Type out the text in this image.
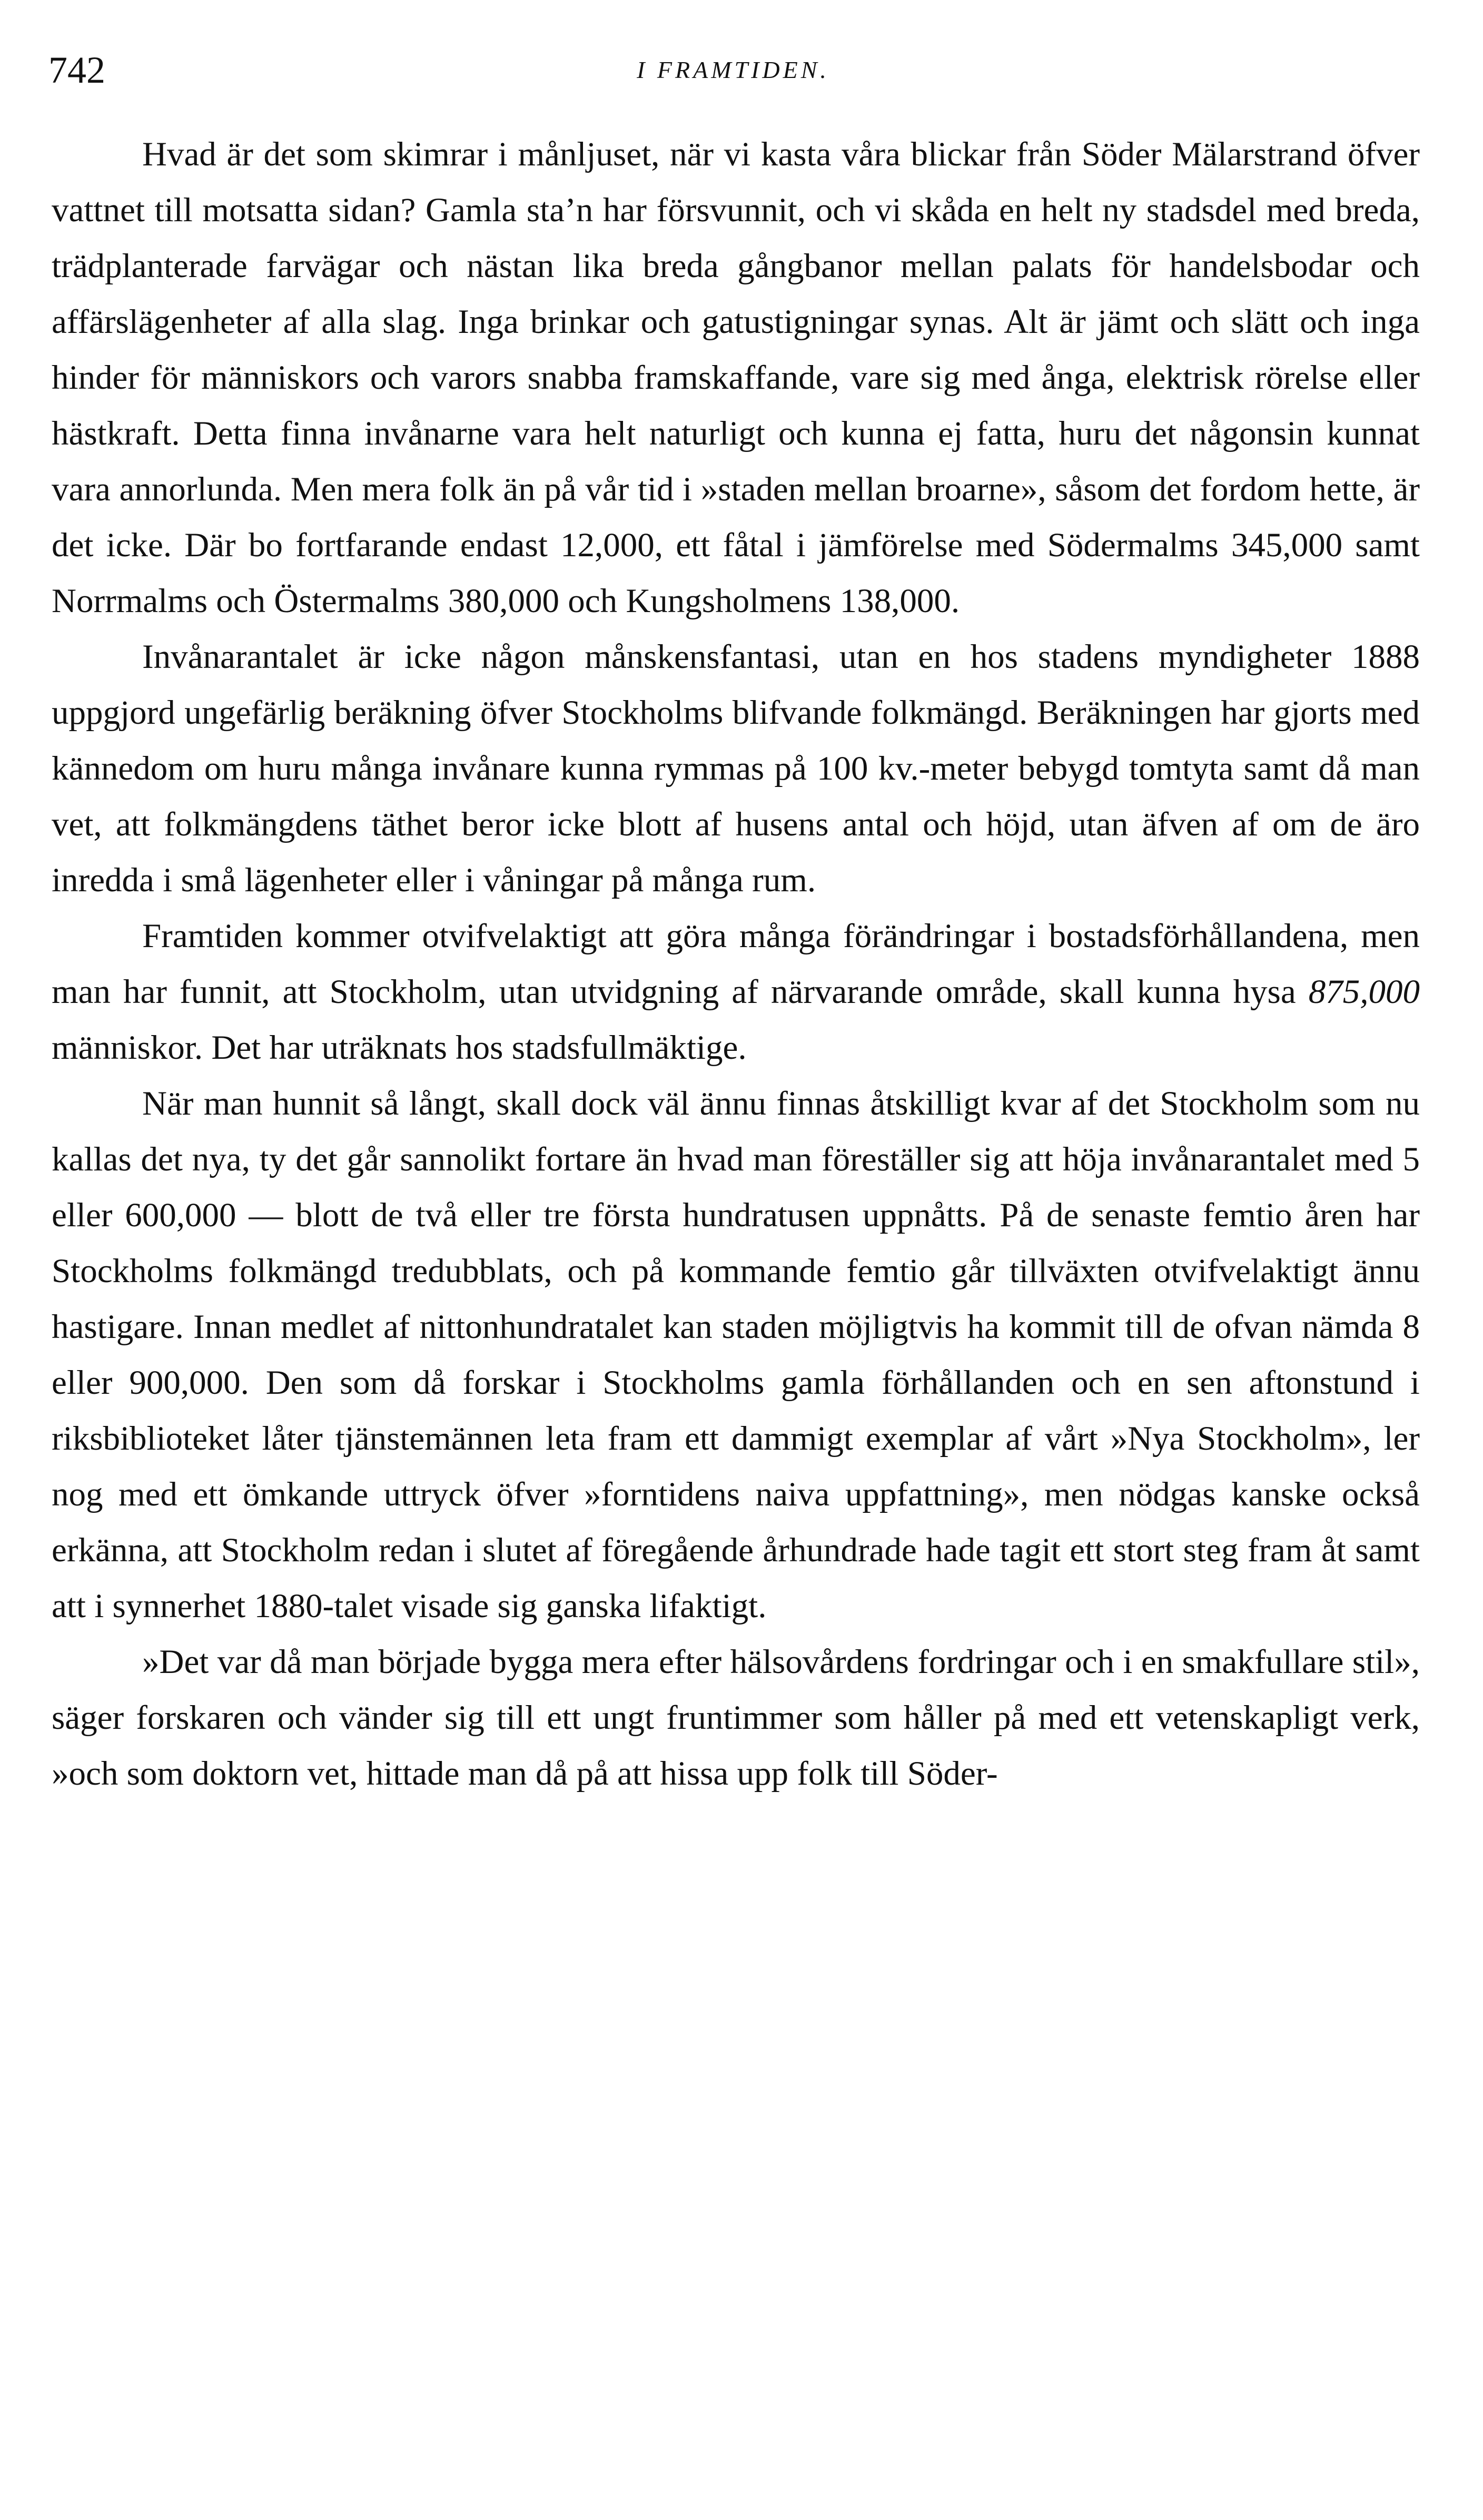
742	I FRAMTIDEN.

Hvad är det som skimrar i månljuset, när vi kasta våra blickar från Söder Mälarstrand öfver vattnet till motsatta sidan? Gamla sta’n har försvunnit, och vi skåda en helt ny stadsdel med breda, trädplanterade farvägar och nästan lika breda gångbanor mellan palats för handelsbodar och affärslägenheter af alla slag. Inga brinkar och gatustigningar synas. Alt är jämt och slätt och inga hinder för människors och varors snabba framskaffande, vare sig med ånga, elektrisk rörelse eller hästkraft. Detta finna invånarne vara helt naturligt och kunna ej fatta, huru det någonsin kunnat vara annorlunda. Men mera folk än på vår tid i »staden mellan broarne», såsom det fordom hette, är det icke. Där bo fortfarande endast 12,000, ett fåtal i jämförelse med Södermalms 345,000 samt Norrmalms och Östermalms 380,000 och Kungsholmens 138,000.

Invånarantalet är icke någon månskensfantasi, utan en hos stadens myndigheter 1888 uppgjord ungefärlig beräkning öfver Stockholms blifvande folkmängd. Beräkningen har gjorts med kännedom om huru många invånare kunna rymmas på 100 kv.-meter bebygd tomtyta samt då man vet, att folkmängdens täthet beror icke blott af husens antal och höjd, utan äfven af om de äro inredda i små lägenheter eller i våningar på många rum.

Framtiden kommer otvifvelaktigt att göra många förändringar i bostadsförhållandena, men man har funnit, att Stockholm, utan utvidgning af närvarande område, skall kunna hysa 875,000 människor. Det har uträknats hos stadsfullmäktige.

När man hunnit så långt, skall dock väl ännu finnas åtskilligt kvar af det Stockholm som nu kallas det nya, ty det går sannolikt fortare än hvad man föreställer sig att höja invånarantalet med 5 eller 600,000 — blott de två eller tre första hundratusen uppnåtts. På de senaste femtio åren har Stockholms folkmängd tredubblats, och på kommande femtio går tillväxten otvifvelaktigt ännu hastigare. Innan medlet af nittonhundratalet kan staden möjligtvis ha kommit till de ofvan nämda 8 eller 900,000. Den som då forskar i Stockholms gamla förhållanden och en sen aftonstund i riksbiblioteket låter tjänstemännen leta fram ett dammigt exemplar af vårt »Nya Stockholm», ler nog med ett ömkande uttryck öfver »forntidens naiva uppfattning», men nödgas kanske också erkänna, att Stockholm redan i slutet af föregående århundrade hade tagit ett stort steg fram åt samt att i synnerhet 1880-talet visade sig ganska lifaktigt.

»Det var då man började bygga mera efter hälsovårdens fordringar och i en smakfullare stil», säger forskaren och vänder sig till ett ungt fruntimmer som håller på med ett vetenskapligt verk, »och som doktorn vet, hittade man då på att hissa upp folk till Söder-
